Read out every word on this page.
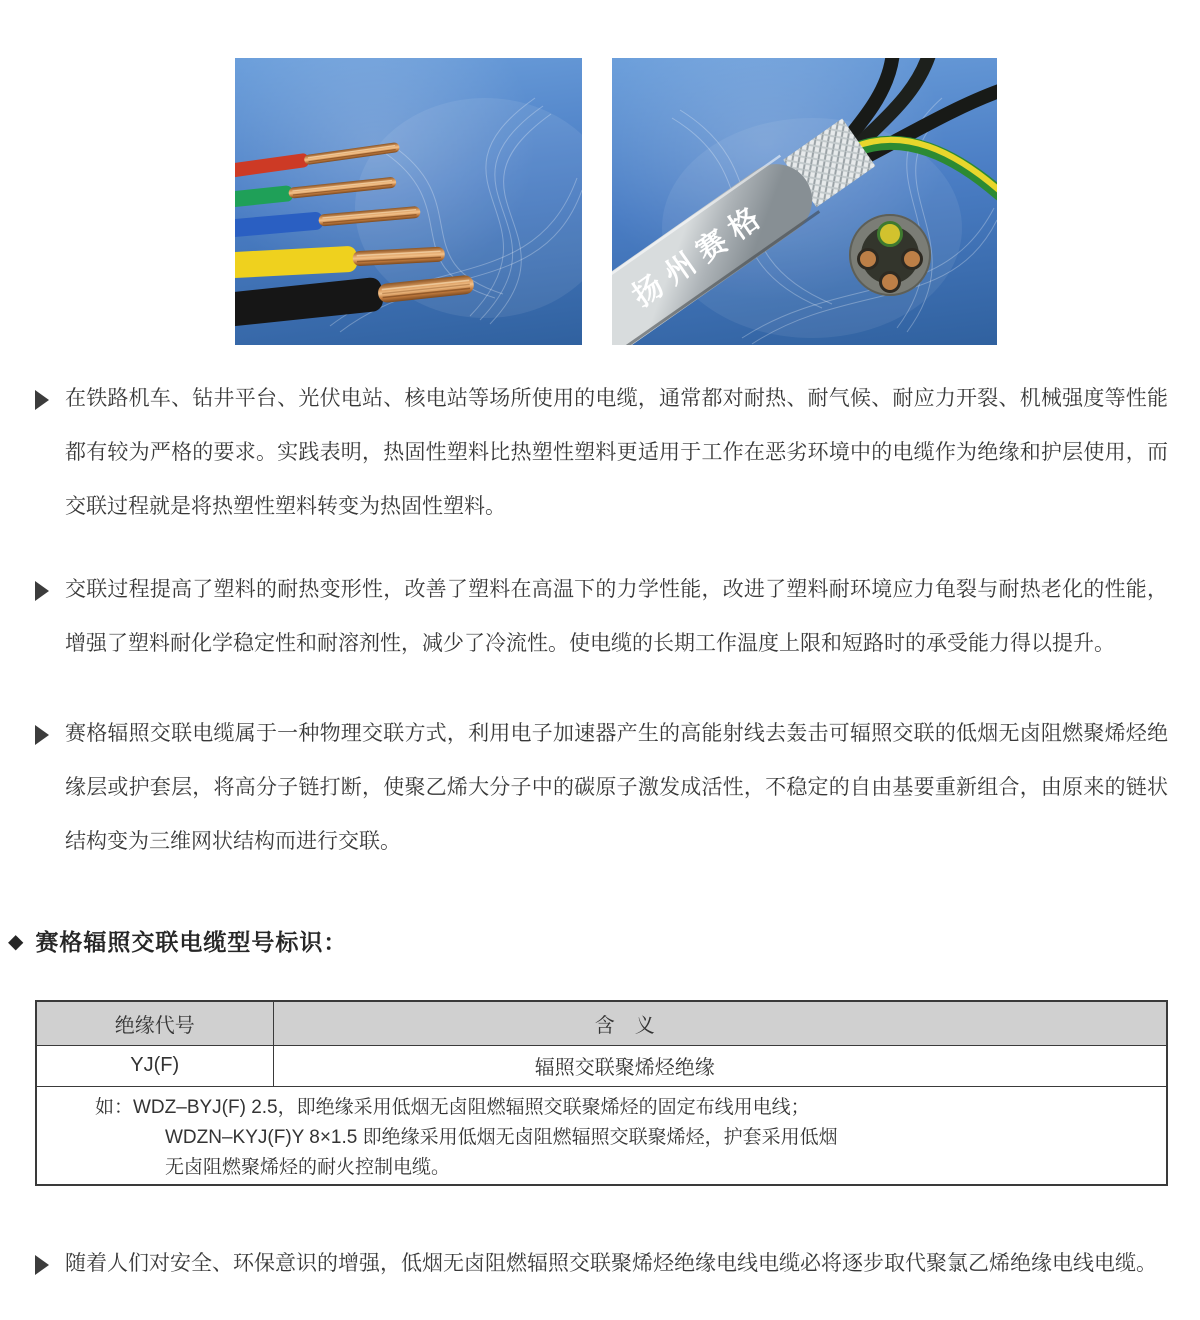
扬州赛格
在铁路机车、钻井平台、光伏电站、核电站等场所使用的电缆，通常都对耐热、耐气候、耐应力开裂、机械强度等性能都有较为严格的要求。实践表明，热固性塑料比热塑性塑料更适用于工作在恶劣环境中的电缆作为绝缘和护层使用，而交联过程就是将热塑性塑料转变为热固性塑料。
交联过程提高了塑料的耐热变形性，改善了塑料在高温下的力学性能，改进了塑料耐环境应力龟裂与耐热老化的性能，增强了塑料耐化学稳定性和耐溶剂性，减少了冷流性。使电缆的长期工作温度上限和短路时的承受能力得以提升。
赛格辐照交联电缆属于一种物理交联方式，利用电子加速器产生的高能射线去轰击可辐照交联的低烟无卤阻燃聚烯烃绝缘层或护套层，将高分子链打断，使聚乙烯大分子中的碳原子激发成活性，不稳定的自由基要重新组合，由原来的链状结构变为三维网状结构而进行交联。
◆ 赛格辐照交联电缆型号标识：
绝缘代号	含　义
YJ(F)	辐照交联聚烯烃绝缘

如：WDZ–BYJ(F) 2.5，即绝缘采用低烟无卤阻燃辐照交联聚烯烃的固定布线用电线；
WDZN–KYJ(F)Y 8×1.5 即绝缘采用低烟无卤阻燃辐照交联聚烯烃，护套采用低烟
无卤阻燃聚烯烃的耐火控制电缆。	
随着人们对安全、环保意识的增强，低烟无卤阻燃辐照交联聚烯烃绝缘电线电缆必将逐步取代聚氯乙烯绝缘电线电缆。
